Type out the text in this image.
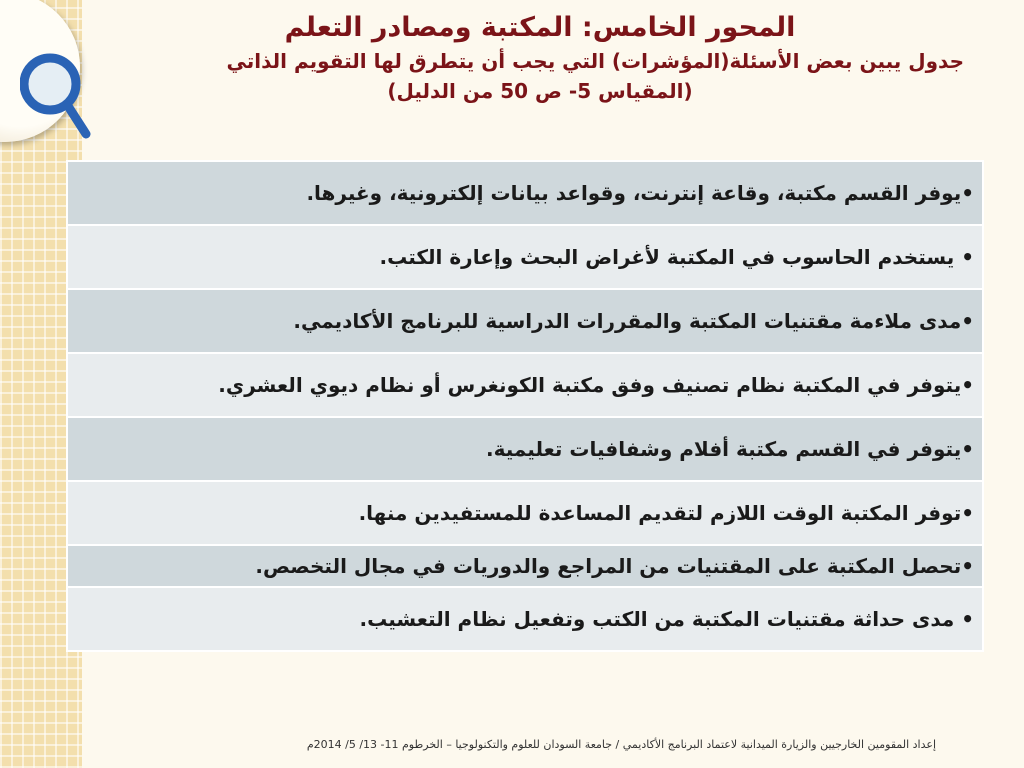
المحور الخامس: المكتبة ومصادر التعلم
جدول يبين بعض الأسئلة(المؤشرات) التي يجب أن يتطرق لها التقويم الذاتي
(المقياس 5- ص 50 من الدليل)
•يوفر القسم مكتبة، وقاعة إنترنت، وقواعد بيانات إلكترونية، وغيرها.
• يستخدم الحاسوب في المكتبة لأغراض البحث وإعارة الكتب.
•مدى ملاءمة مقتنيات المكتبة والمقررات الدراسية للبرنامج الأكاديمي.
•يتوفر في المكتبة نظام تصنيف وفق مكتبة الكونغرس أو نظام ديوي العشري.
•يتوفر في القسم مكتبة أفلام وشفافيات تعليمية.
•توفر المكتبة الوقت اللازم لتقديم المساعدة للمستفيدين منها.
•تحصل المكتبة على المقتنيات من المراجع والدوريات في مجال التخصص.
• مدى حداثة مقتنيات المكتبة من الكتب وتفعيل نظام التعشيب.
إعداد المقومين الخارجيين والزيارة الميدانية لاعتماد البرنامج الأكاديمي / جامعة السودان للعلوم والتكنولوجيا – الخرطوم 11- 13/ 5/ 2014م
